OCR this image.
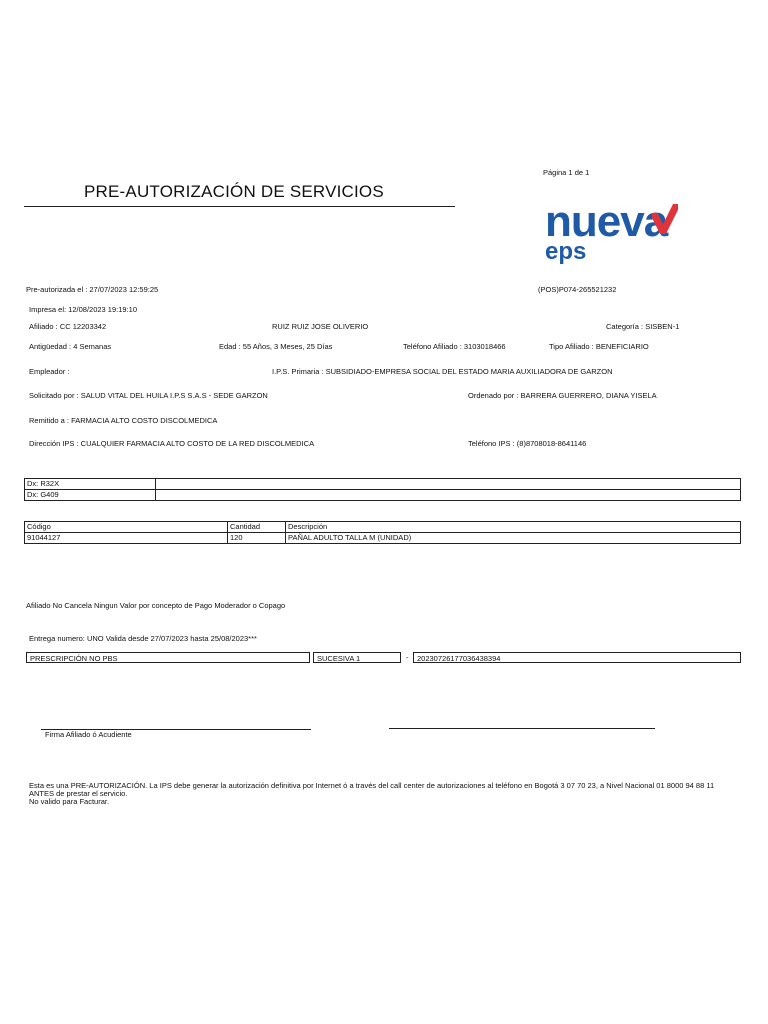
Página 1 de 1
PRE-AUTORIZACIÓN DE SERVICIOS
nueva
eps
Pre-autorizada el : 27/07/2023 12:59:25	(POS)P074-265521232
Impresa el: 12/08/2023 19:19:10
Afiliado : CC 12203342	RUIZ RUIZ JOSE OLIVERIO	Categoría : SISBEN-1
Antigüedad : 4 Semanas	Edad : 55 Años, 3 Meses, 25 Días	Teléfono Afiliado : 3103018466	Tipo Afiliado : BENEFICIARIO
Empleador :	I.P.S. Primaria : SUBSIDIADO-EMPRESA SOCIAL DEL ESTADO MARIA AUXILIADORA DE GARZON
Solicitado por : SALUD VITAL DEL HUILA I.P.S S.A.S - SEDE GARZON	Ordenado por : BARRERA GUERRERO, DIANA YISELA
Remitido a : FARMACIA ALTO COSTO DISCOLMEDICA
Dirección IPS : CUALQUIER FARMACIA ALTO COSTO DE LA RED DISCOLMEDICA	Teléfono IPS : (8)8708018-8641146
Dx: R32X	
Dx: G409	
Código	Cantidad	Descripción
91044127	120	PAÑAL ADULTO TALLA M (UNIDAD)
Afiliado No Cancela Ningun Valor por concepto de Pago Moderador o Copago
Entrega numero: UNO Valida desde 27/07/2023 hasta 25/08/2023***
PRESCRIPCIÓN NO PBS	SUCESIVA 1	-	20230726177036438394
Firma Afiliado ó Acudiente
Esta es una PRE-AUTORIZACIÓN. La IPS debe generar la autorización definitiva por Internet ó a través del call center de autorizaciones al teléfono en Bogotá 3 07 70 23, a Nivel Nacional 01 8000 94 88 11
ANTES de prestar el servicio.
No valido para Facturar.
